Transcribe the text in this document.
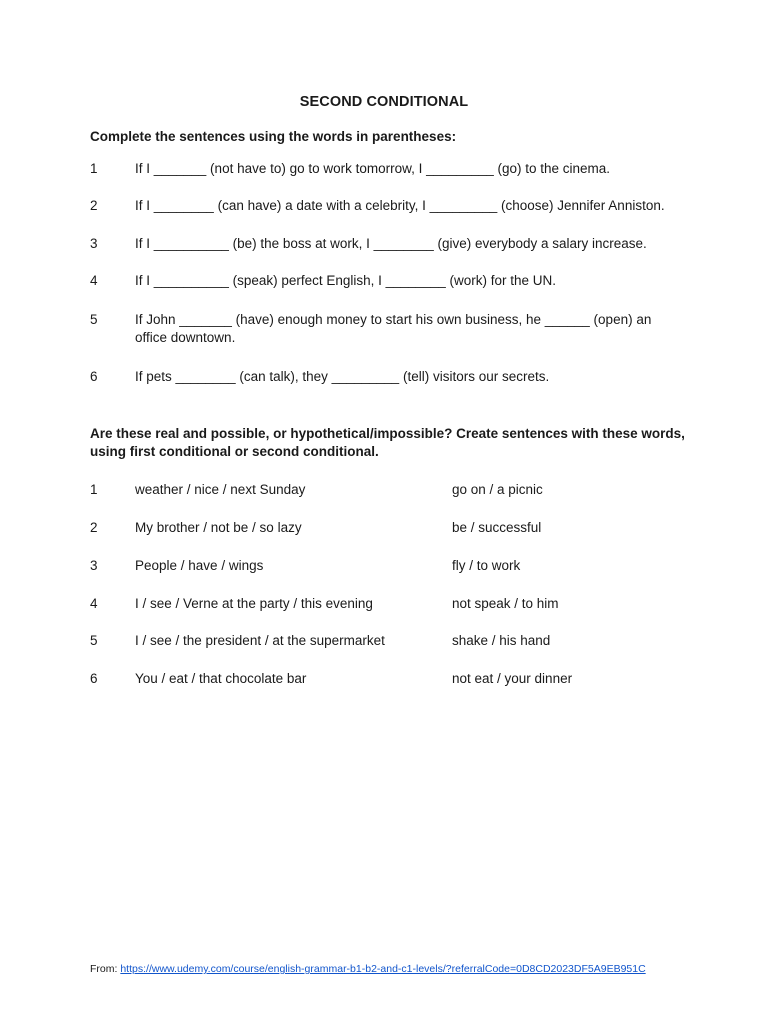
SECOND CONDITIONAL
Complete the sentences using the words in parentheses:
1	If I _______ (not have to) go to work tomorrow, I _________ (go) to the cinema.
2	If I ________ (can have) a date with a celebrity, I _________ (choose) Jennifer Anniston.
3	If I __________ (be) the boss at work, I ________ (give) everybody a salary increase.
4	If I __________ (speak) perfect English, I ________ (work) for the UN.
5	If John _______ (have) enough money to start his own business, he ______ (open) an office downtown.
6	If pets ________ (can talk), they _________ (tell) visitors our secrets.
Are these real and possible, or hypothetical/impossible? Create sentences with these words, using first conditional or second conditional.
1	weather / nice / next Sunday	go on / a picnic
2	My brother / not be / so lazy	be / successful
3	People / have / wings	fly / to work
4	I / see / Verne at the party / this evening	not speak / to him
5	I / see / the president / at the supermarket	shake / his hand
6	You / eat / that chocolate bar	not eat / your dinner
From: https://www.udemy.com/course/english-grammar-b1-b2-and-c1-levels/?referralCode=0D8CD2023DF5A9EB951C
